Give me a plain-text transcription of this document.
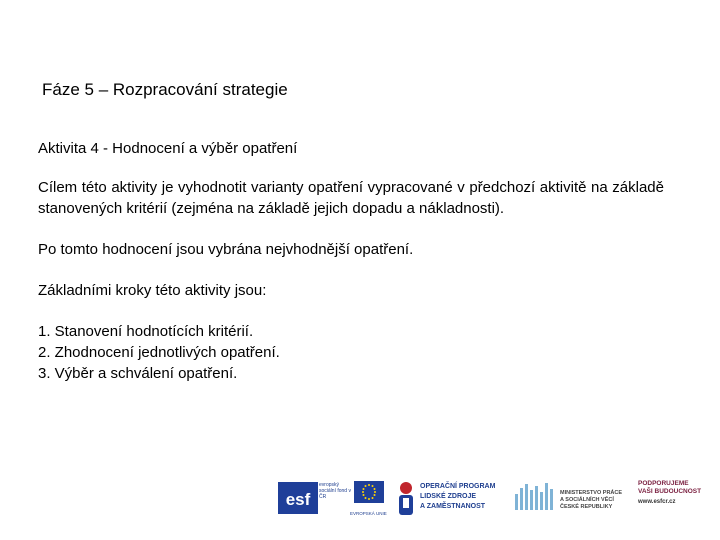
Fáze 5 – Rozpracování strategie

Aktivita 4 - Hodnocení a výběr opatření

Cílem této aktivity je vyhodnotit varianty opatření vypracované v předchozí aktivitě na základě stanovených kritérií (zejména na základě jejich dopadu a nákladnosti).

Po tomto hodnocení jsou vybrána nejvhodnější opatření.

Základními kroky této aktivity jsou:

1. Stanovení hodnotících kritérií.
2. Zhodnocení jednotlivých opatření.
3. Výběr a schválení opatření.
esf
evropský sociální fond v ČR
EVROPSKÁ UNIE
OPERAČNÍ PROGRAM
LIDSKÉ ZDROJE
A ZAMĚSTNANOST
MINISTERSTVO PRÁCE
A SOCIÁLNÍCH VĚCÍ
ČESKÉ REPUBLIKY
PODPORUJEME
VAŠI BUDOUCNOST
www.esfcr.cz
